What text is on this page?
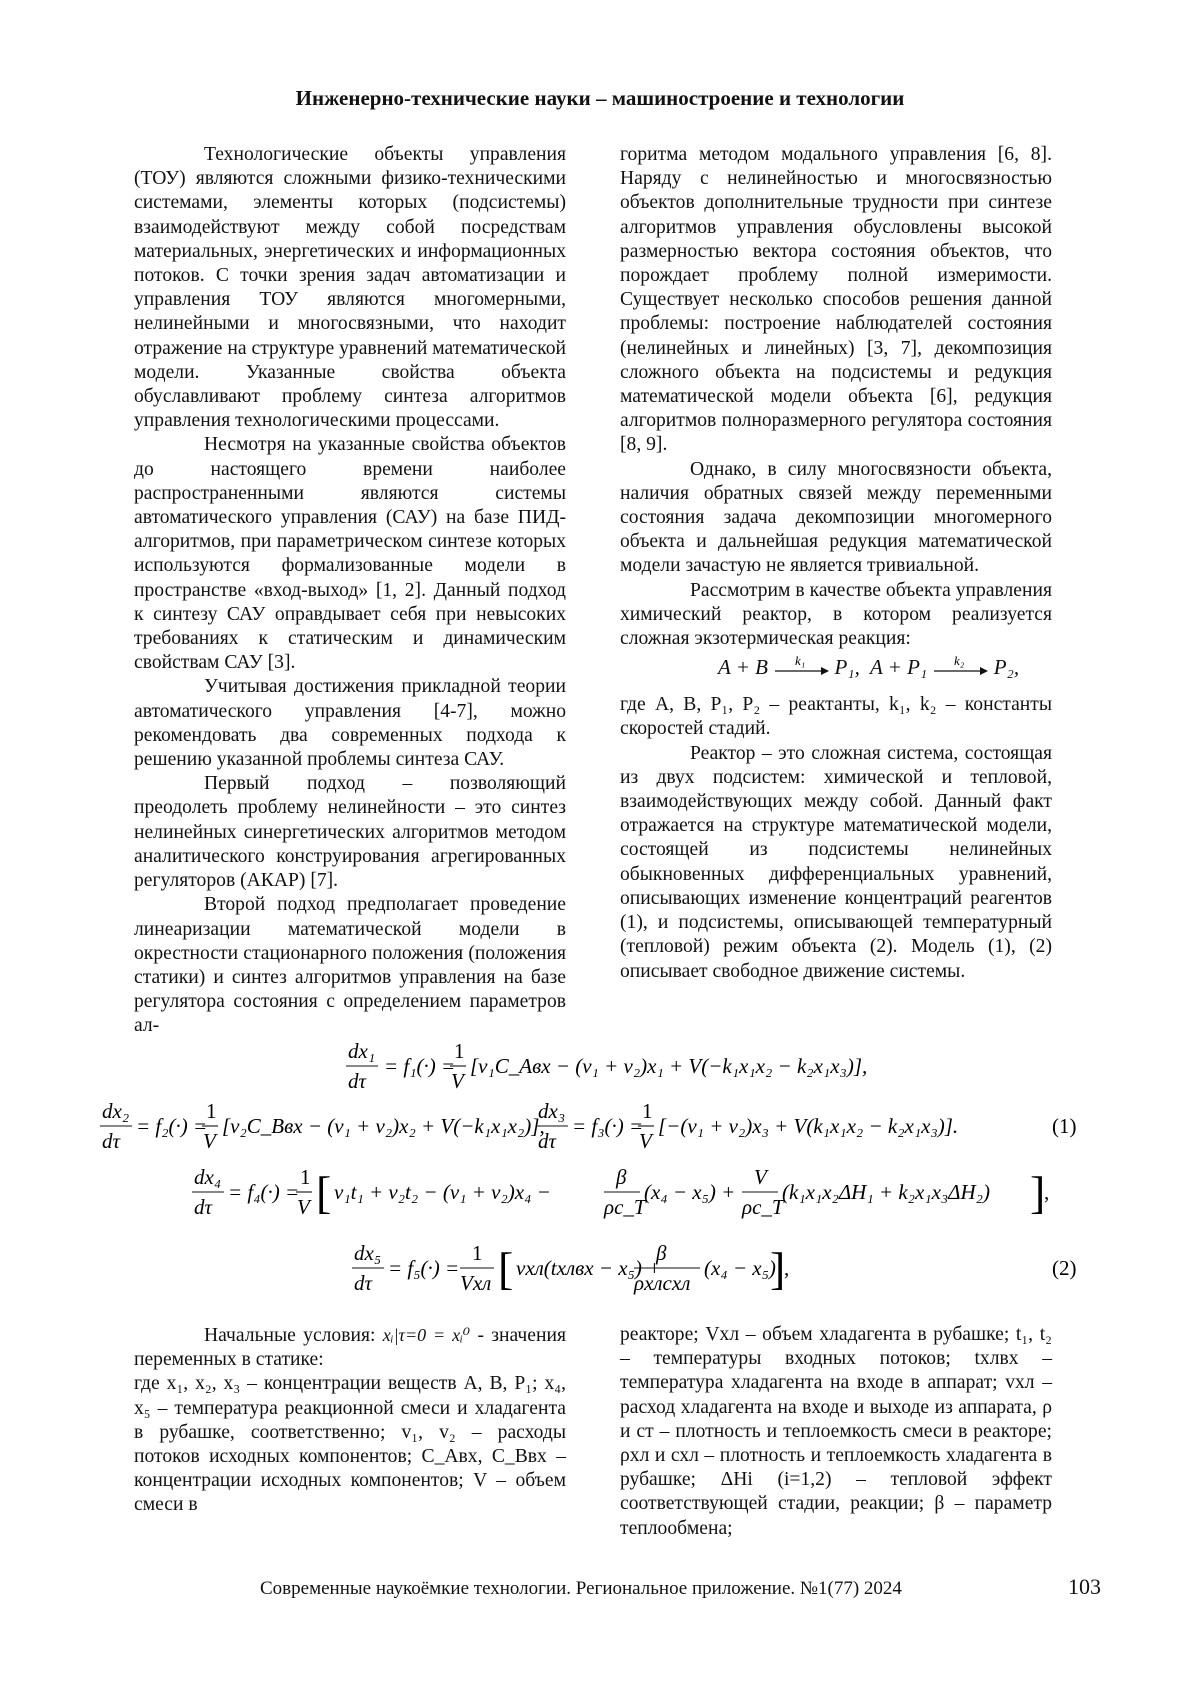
Инженерно-технические науки – машиностроение и технологии

Технологические объекты управления (ТОУ) являются сложными физико-техническими системами, элементы которых (подсистемы) взаимодействуют между собой посредствам материальных, энергетических и информационных потоков. С точки зрения задач автоматизации и управления ТОУ являются многомерными, нелинейными и многосвязными, что находит отражение на структуре уравнений математической модели. Указанные свойства объекта обуславливают проблему синтеза алгоритмов управления технологическими процессами.

Несмотря на указанные свойства объектов до настоящего времени наиболее распространенными являются системы автоматического управления (САУ) на базе ПИД-алгоритмов, при параметрическом синтезе которых используются формализованные модели в пространстве «вход-выход» [1, 2]. Данный подход к синтезу САУ оправдывает себя при невысоких требованиях к статическим и динамическим свойствам САУ [3].

Учитывая достижения прикладной теории автоматического управления [4-7], можно рекомендовать два современных подхода к решению указанной проблемы синтеза САУ.

Первый подход – позволяющий преодолеть проблему нелинейности – это синтез нелинейных синергетических алгоритмов методом аналитического конструирования агрегированных регуляторов (АКАР) [7].

Второй подход предполагает проведение линеаризации математической модели в окрестности стационарного положения (положения статики) и синтез алгоритмов управления на базе регулятора состояния с определением параметров ал-

горитма методом модального управления [6, 8]. Наряду с нелинейностью и многосвязностью объектов дополнительные трудности при синтезе алгоритмов управления обусловлены высокой размерностью вектора состояния объектов, что порождает проблему полной измеримости. Существует несколько способов решения данной проблемы: построение наблюдателей состояния (нелинейных и линейных) [3, 7], декомпозиция сложного объекта на подсистемы и редукция математической модели объекта [6], редукция алгоритмов полноразмерного регулятора состояния [8, 9].

Однако, в силу многосвязности объекта, наличия обратных связей между переменными состояния задача декомпозиции многомерного объекта и дальнейшая редукция математической модели зачастую не является тривиальной.

Рассмотрим в качестве объекта управления химический реактор, в котором реализуется сложная экзотермическая реакция:

A + B k₁ P₁,  A + P₁ k₂ P₂,

где A, B, P₁, P₂ – реактанты, k₁, k₂ – константы скоростей стадий.

Реактор – это сложная система, состоящая из двух подсистем: химической и тепловой, взаимодействующих между собой. Данный факт отражается на структуре математической модели, состоящей из подсистемы нелинейных обыкновенных дифференциальных уравнений, описывающих изменение концентраций реагентов (1), и подсистемы, описывающей температурный (тепловой) режим объекта (2). Модель (1), (2) описывает свободное движение системы.

dx₁
dτ
= f₁(·) =
1
V
[v₁C_Aвх − (v₁ + v₂)x₁ + V(−k₁x₁x₂ − k₂x₁x₃)],
dx₂
dτ
= f₂(·) =
1
V
[v₂C_Bвх − (v₁ + v₂)x₂ + V(−k₁x₁x₂)],
dx₃
dτ
= f₃(·) =
1
V
[−(v₁ + v₂)x₃ + V(k₁x₁x₂ − k₂x₁x₃)].	(1)
dx₄
dτ
= f₄(·) =
1
V [ v₁t₁ + v₂t₂ − (v₁ + v₂)x₄ −
β
ρc_T
(x₄ − x₅) +
V
ρc_T
(k₁x₁x₂ΔH₁ + k₂x₁x₃ΔH₂) ]
,
dx₅
dτ
= f₅(·) =
1
Vхл [ vхл(tхлвх − x₅) +
β
ρхлcхл
(x₄ − x₅)
]
,	(2)

Начальные условия: xᵢ|τ=0 = xᵢ⁰ - значения переменных в статике:

где x₁, x₂, x₃ – концентрации веществ A, B, P₁; x₄, x₅ – температура реакционной смеси и хладагента в рубашке, соответственно; v₁, v₂ – расходы потоков исходных компонентов; C_Aвх, C_Bвх – концентрации исходных компонентов; V – объем смеси в

реакторе; Vхл – объем хладагента в рубашке; t₁, t₂ – температуры входных потоков; tхлвх – температура хладагента на входе в аппарат; vхл – расход хладагента на входе и выходе из аппарата, ρ и cт – плотность и теплоемкость смеси в реакторе; ρхл и схл – плотность и теплоемкость хладагента в рубашке; ΔHi (i=1,2) – тепловой эффект соответствующей стадии, реакции; β – параметр теплообмена;

Современные наукоёмкие технологии. Региональное приложение. №1(77) 2024	103
